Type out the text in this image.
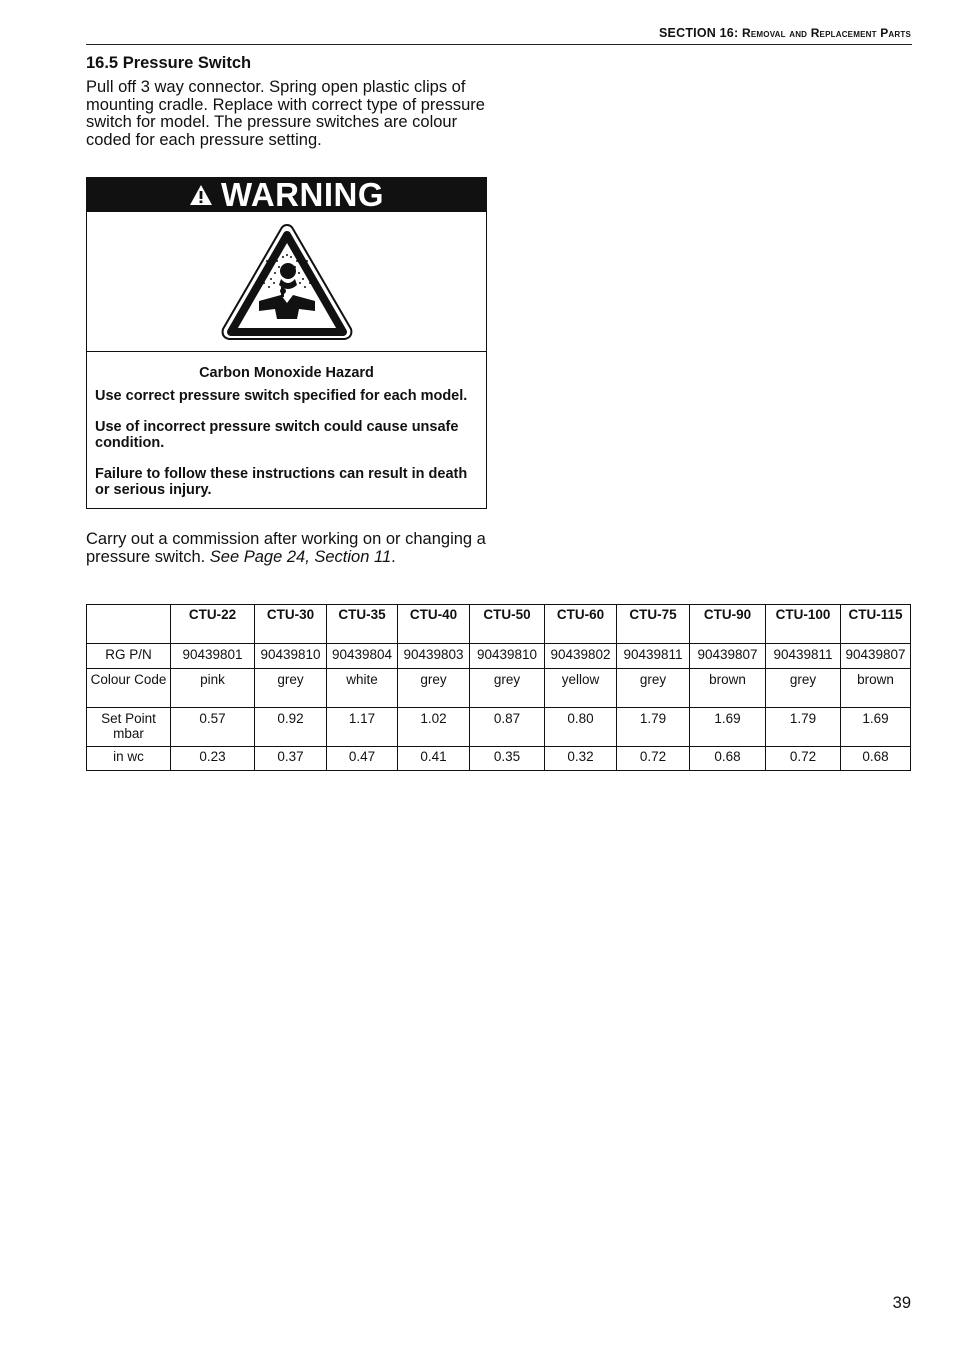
SECTION 16: Removal and Replacement Parts
16.5 Pressure Switch
Pull off 3 way connector. Spring open plastic clips of mounting cradle. Replace with correct type of pressure switch for model. The pressure switches are colour coded for each pressure setting.
WARNING
Carbon Monoxide Hazard
Use correct pressure switch specified for each model.
Use of incorrect pressure switch could cause unsafe condition.
Failure to follow these instructions can result in death or serious injury.
Carry out a commission after working on or changing a pressure switch. See Page 24, Section 11.
	CTU-22	CTU-30	CTU-35	CTU-40	CTU-50	CTU-60	CTU-75	CTU-90	CTU-100	CTU-115
RG P/N	90439801	90439810	90439804	90439803	90439810	90439802	90439811	90439807	90439811	90439807
Colour Code	pink	grey	white	grey	grey	yellow	grey	brown	grey	brown
Set Point mbar	0.57	0.92	1.17	1.02	0.87	0.80	1.79	1.69	1.79	1.69
in wc	0.23	0.37	0.47	0.41	0.35	0.32	0.72	0.68	0.72	0.68
39
